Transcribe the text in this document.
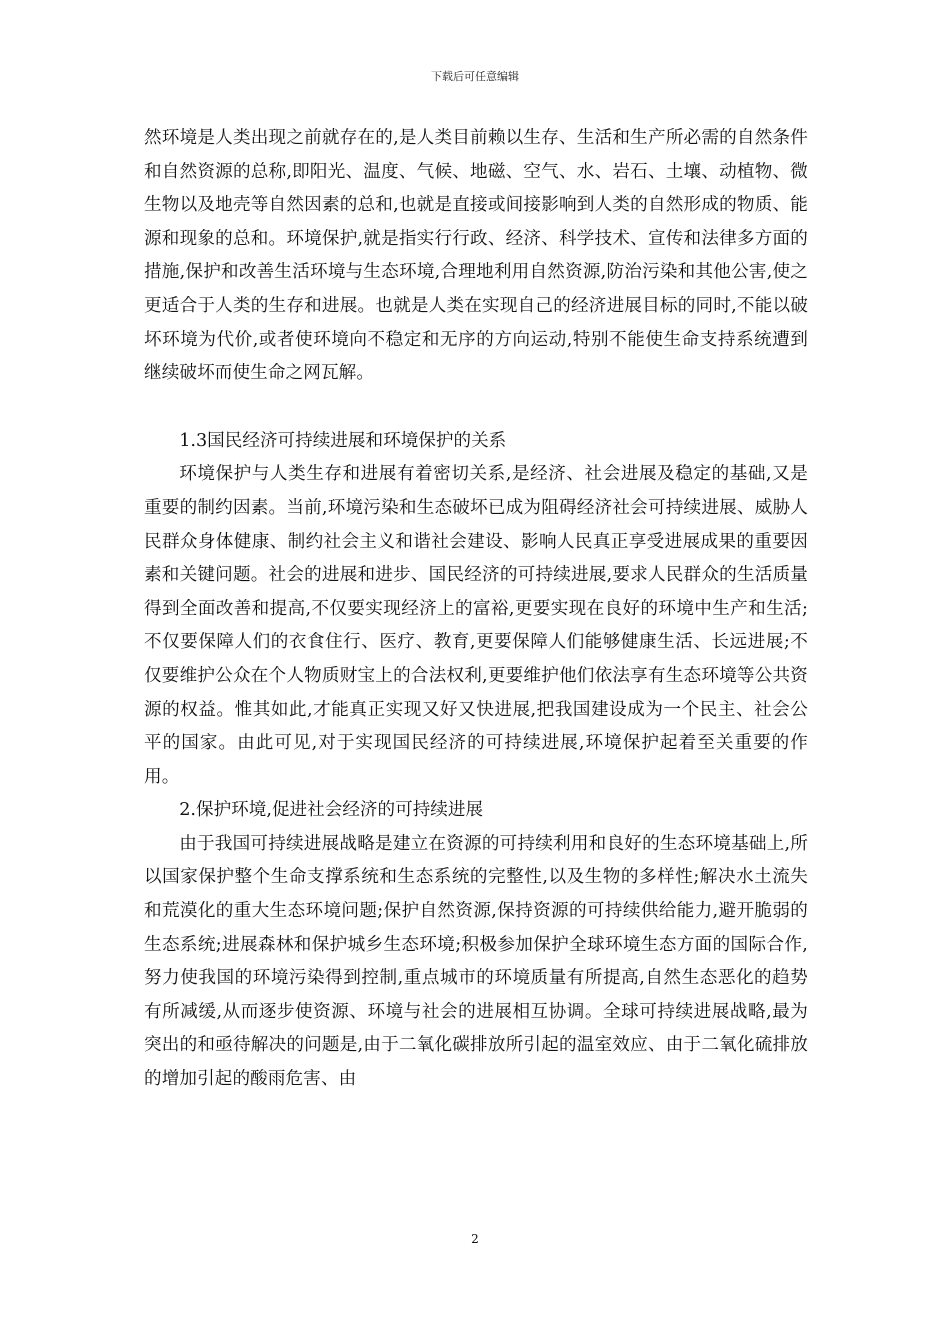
下载后可任意编辑

然环境是人类出现之前就存在的,是人类目前赖以生存、生活和生产所必需的自然条件和自然资源的总称,即阳光、温度、气候、地磁、空气、水、岩石、土壤、动植物、微生物以及地壳等自然因素的总和,也就是直接或间接影响到人类的自然形成的物质、能源和现象的总和。环境保护,就是指实行行政、经济、科学技术、宣传和法律多方面的措施,保护和改善生活环境与生态环境,合理地利用自然资源,防治污染和其他公害,使之更适合于人类的生存和进展。也就是人类在实现自己的经济进展目标的同时,不能以破坏环境为代价,或者使环境向不稳定和无序的方向运动,特别不能使生命支持系统遭到继续破坏而使生命之网瓦解。

1.3国民经济可持续进展和环境保护的关系

环境保护与人类生存和进展有着密切关系,是经济、社会进展及稳定的基础,又是重要的制约因素。当前,环境污染和生态破坏已成为阻碍经济社会可持续进展、威胁人民群众身体健康、制约社会主义和谐社会建设、影响人民真正享受进展成果的重要因素和关键问题。社会的进展和进步、国民经济的可持续进展,要求人民群众的生活质量得到全面改善和提高,不仅要实现经济上的富裕,更要实现在良好的环境中生产和生活;不仅要保障人们的衣食住行、医疗、教育,更要保障人们能够健康生活、长远进展;不仅要维护公众在个人物质财宝上的合法权利,更要维护他们依法享有生态环境等公共资源的权益。惟其如此,才能真正实现又好又快进展,把我国建设成为一个民主、社会公平的国家。由此可见,对于实现国民经济的可持续进展,环境保护起着至关重要的作用。

2.保护环境,促进社会经济的可持续进展

由于我国可持续进展战略是建立在资源的可持续利用和良好的生态环境基础上,所以国家保护整个生命支撑系统和生态系统的完整性,以及生物的多样性;解决水土流失和荒漠化的重大生态环境问题;保护自然资源,保持资源的可持续供给能力,避开脆弱的生态系统;进展森林和保护城乡生态环境;积极参加保护全球环境生态方面的国际合作,努力使我国的环境污染得到控制,重点城市的环境质量有所提高,自然生态恶化的趋势有所减缓,从而逐步使资源、环境与社会的进展相互协调。全球可持续进展战略,最为突出的和亟待解决的问题是,由于二氧化碳排放所引起的温室效应、由于二氧化硫排放的增加引起的酸雨危害、由

2
